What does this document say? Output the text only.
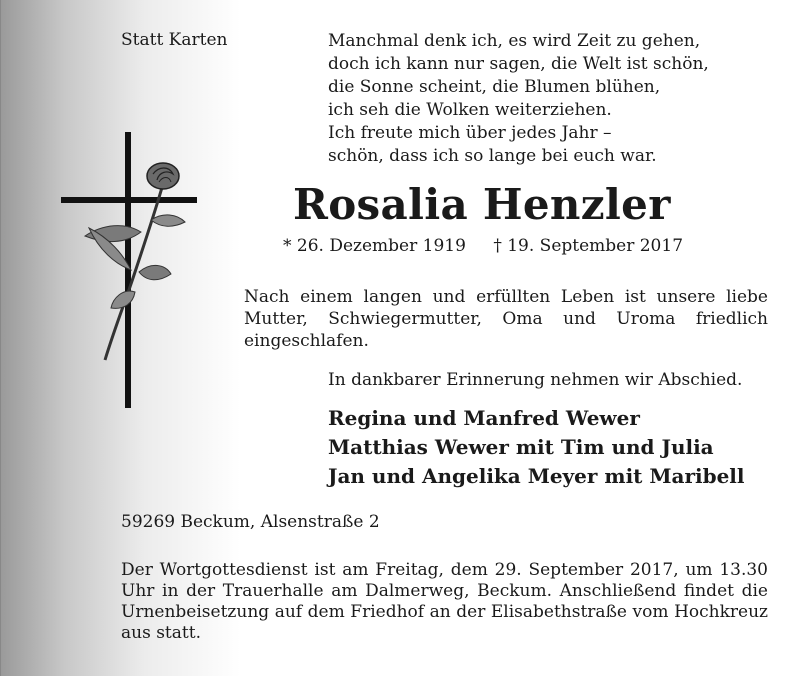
Statt Karten	Manchmal denk ich, es wird Zeit zu gehen,
doch ich kann nur sagen, die Welt ist schön,
die Sonne scheint, die Blumen blühen,
ich seh die Wolken weiterziehen.
Ich freute mich über jedes Jahr –
schön, dass ich so lange bei euch war.
Rosalia Henzler
* 26. Dezember 1919 † 19. September 2017
Nach einem langen und erfüllten Leben ist unsere liebe
Mutter, Schwiegermutter, Oma und Uroma friedlich
eingeschlafen.
In dankbarer Erinnerung nehmen wir Abschied.
Regina und Manfred Wewer
Matthias Wewer mit Tim und Julia
Jan und Angelika Meyer mit Maribell
59269 Beckum, Alsenstraße 2
Der Wortgottesdienst ist am Freitag, dem 29. September 2017, um 13.30 Uhr in der Trauerhalle am Dalmerweg, Beckum. Anschließend findet die Urnenbeisetzung auf dem Friedhof an der Elisabethstraße vom Hochkreuz aus statt.
